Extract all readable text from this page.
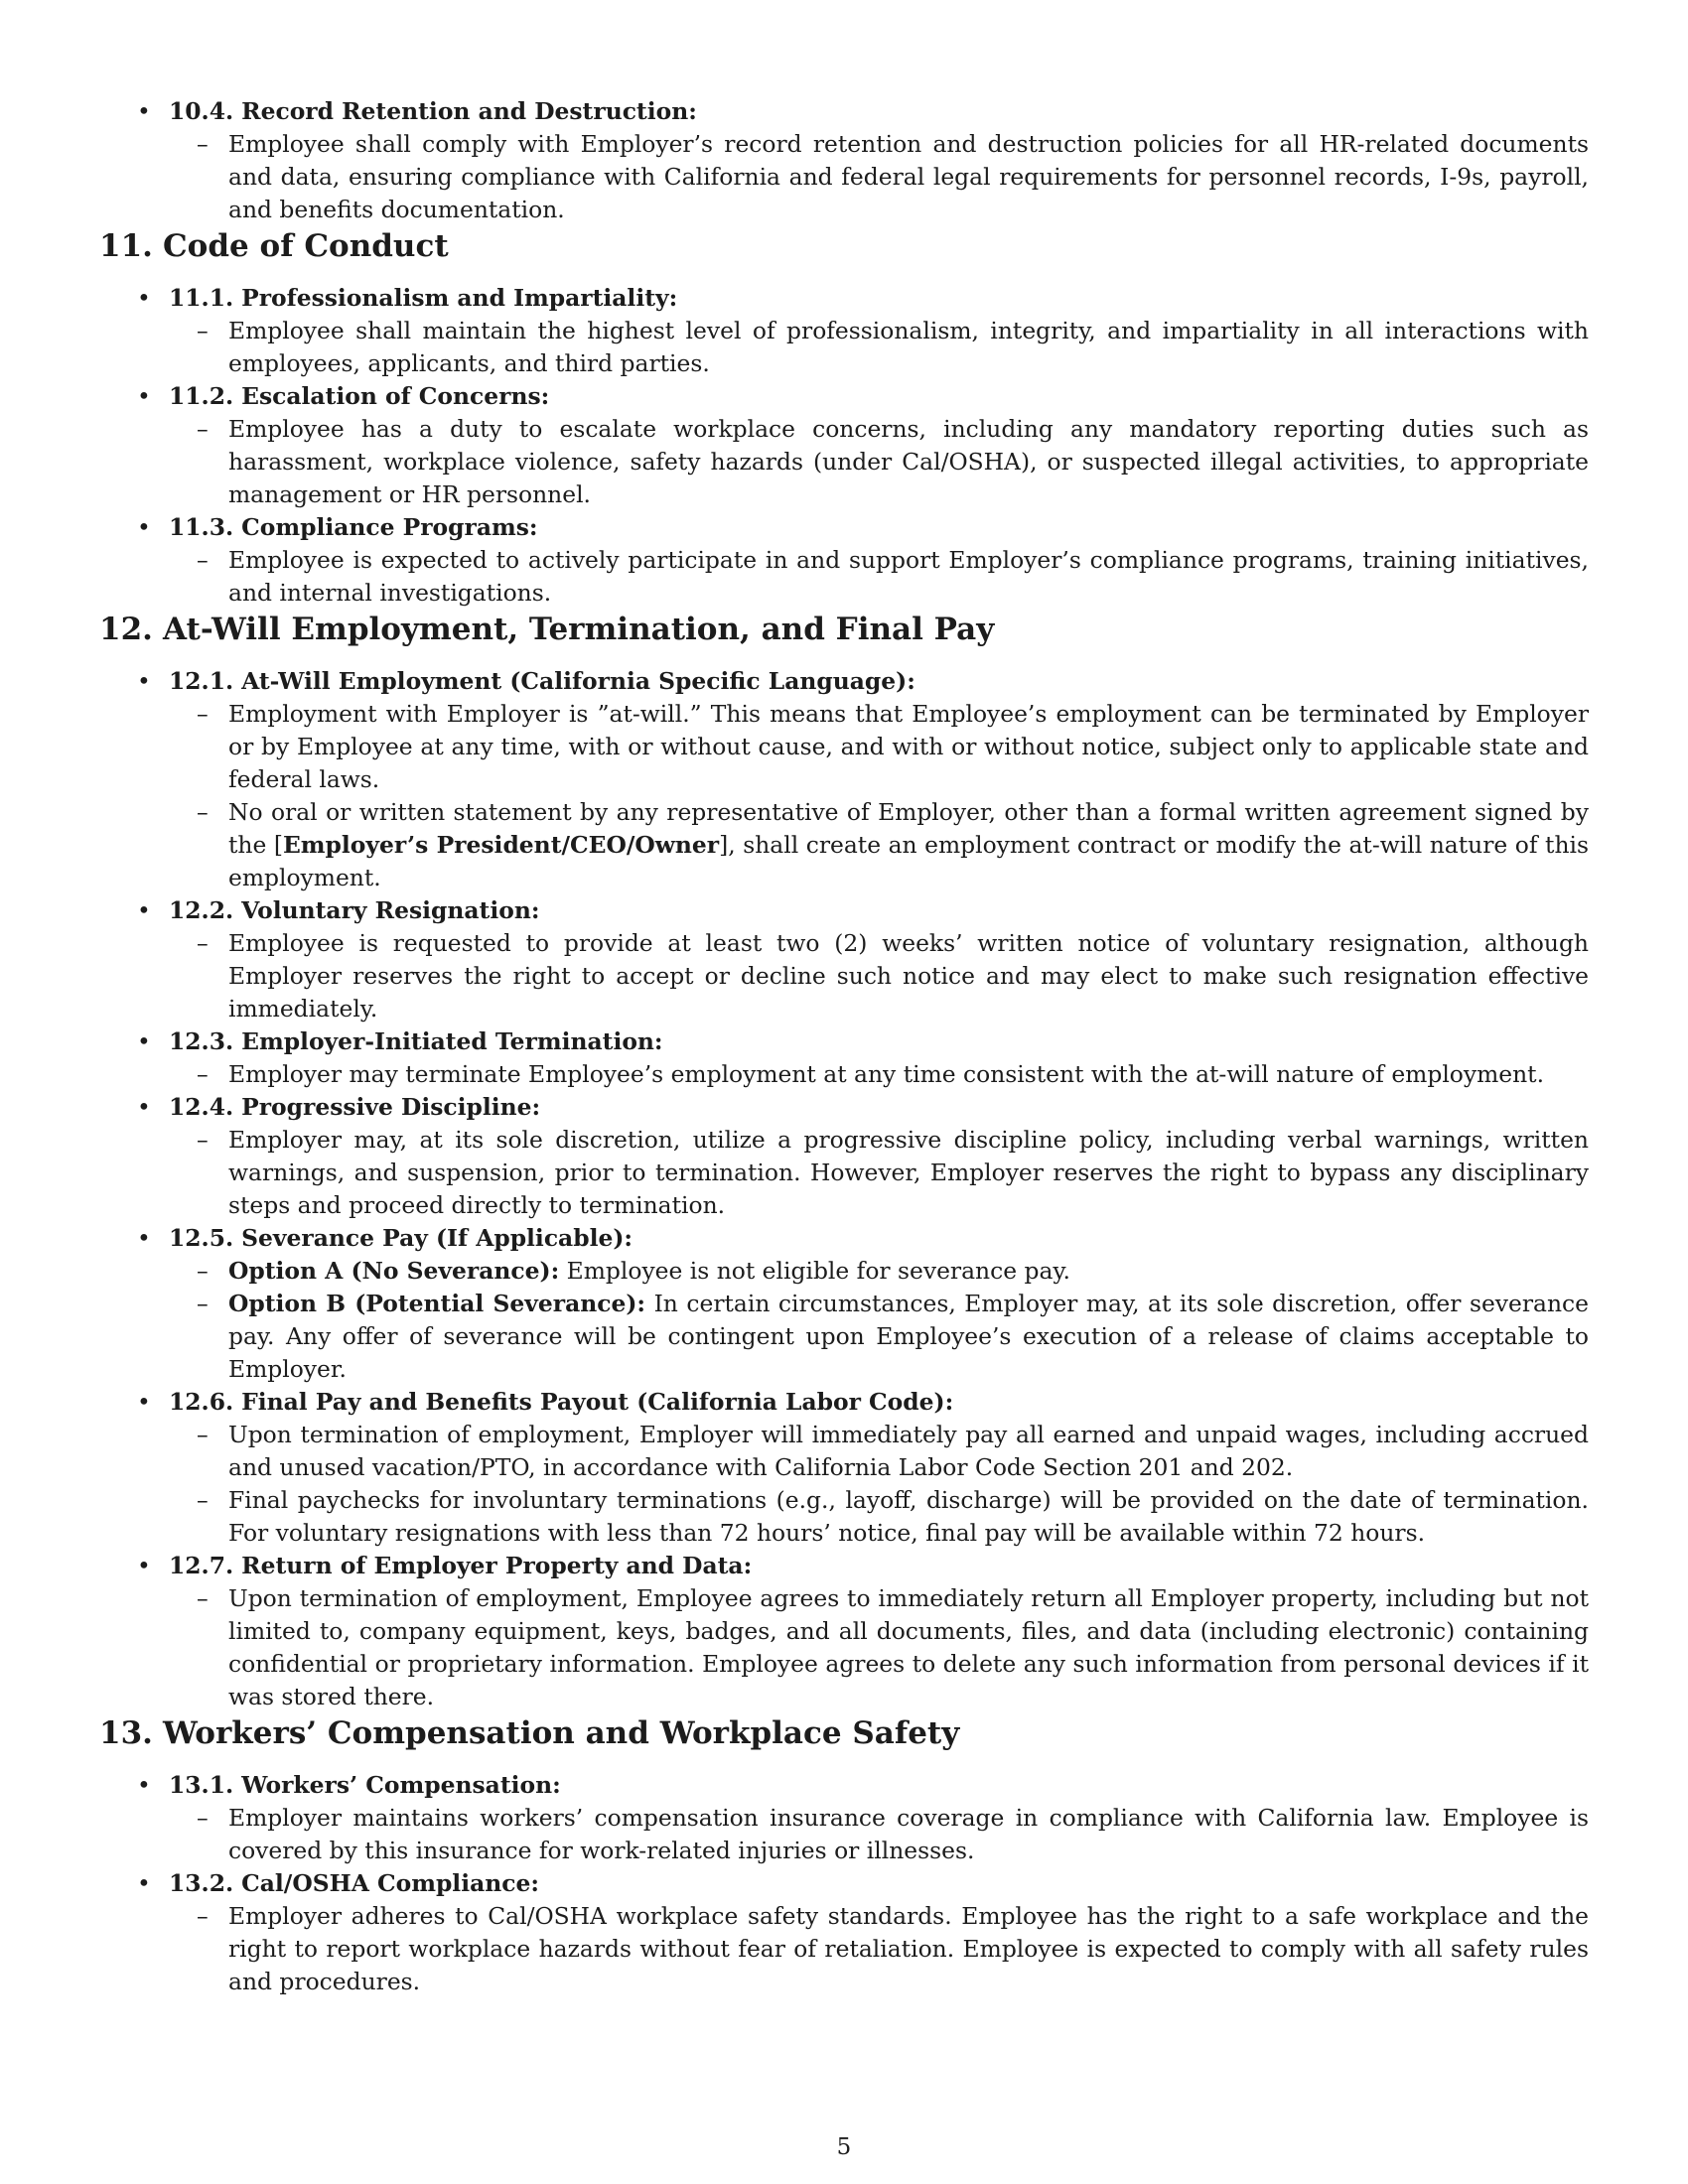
• 10.4. Record Retention and Destruction:
– Employee shall comply with Employer’s record retention and destruction policies for all HR-related documents and data, ensuring compliance with California and federal legal requirements for personnel records, I-9s, payroll, and benefits documentation.
11. Code of Conduct
• 11.1. Professionalism and Impartiality:
– Employee shall maintain the highest level of professionalism, integrity, and impartiality in all interactions with employees, applicants, and third parties.
• 11.2. Escalation of Concerns:
– Employee has a duty to escalate workplace concerns, including any mandatory reporting duties such as harassment, workplace violence, safety hazards (under Cal/OSHA), or suspected illegal activities, to appropriate management or HR personnel.
• 11.3. Compliance Programs:
– Employee is expected to actively participate in and support Employer’s compliance programs, training initiatives, and internal investigations.
12. At-Will Employment, Termination, and Final Pay
• 12.1. At-Will Employment (California Specific Language):
– Employment with Employer is ”at-will.” This means that Employee’s employment can be terminated by Employer or by Employee at any time, with or without cause, and with or without notice, subject only to applicable state and federal laws.
– No oral or written statement by any representative of Employer, other than a formal written agreement signed by the [Employer’s President/CEO/Owner], shall create an employment contract or modify the at-will nature of this employment.
• 12.2. Voluntary Resignation:
– Employee is requested to provide at least two (2) weeks’ written notice of voluntary resignation, although Employer reserves the right to accept or decline such notice and may elect to make such resignation effective immediately.
• 12.3. Employer-Initiated Termination:
– Employer may terminate Employee’s employment at any time consistent with the at-will nature of employment.
• 12.4. Progressive Discipline:
– Employer may, at its sole discretion, utilize a progressive discipline policy, including verbal warnings, written warnings, and suspension, prior to termination. However, Employer reserves the right to bypass any disciplinary steps and proceed directly to termination.
• 12.5. Severance Pay (If Applicable):
– Option A (No Severance): Employee is not eligible for severance pay.
– Option B (Potential Severance): In certain circumstances, Employer may, at its sole discretion, offer severance pay. Any offer of severance will be contingent upon Employee’s execution of a release of claims acceptable to Employer.
• 12.6. Final Pay and Benefits Payout (California Labor Code):
– Upon termination of employment, Employer will immediately pay all earned and unpaid wages, including accrued and unused vacation/PTO, in accordance with California Labor Code Section 201 and 202.
– Final paychecks for involuntary terminations (e.g., layoff, discharge) will be provided on the date of termination. For voluntary resignations with less than 72 hours’ notice, final pay will be available within 72 hours.
• 12.7. Return of Employer Property and Data:
– Upon termination of employment, Employee agrees to immediately return all Employer property, including but not limited to, company equipment, keys, badges, and all documents, files, and data (including electronic) containing confidential or proprietary information. Employee agrees to delete any such information from personal devices if it was stored there.
13. Workers’ Compensation and Workplace Safety
• 13.1. Workers’ Compensation:
– Employer maintains workers’ compensation insurance coverage in compliance with California law. Employee is covered by this insurance for work-related injuries or illnesses.
• 13.2. Cal/OSHA Compliance:
– Employer adheres to Cal/OSHA workplace safety standards. Employee has the right to a safe workplace and the right to report workplace hazards without fear of retaliation. Employee is expected to comply with all safety rules and procedures.
5
